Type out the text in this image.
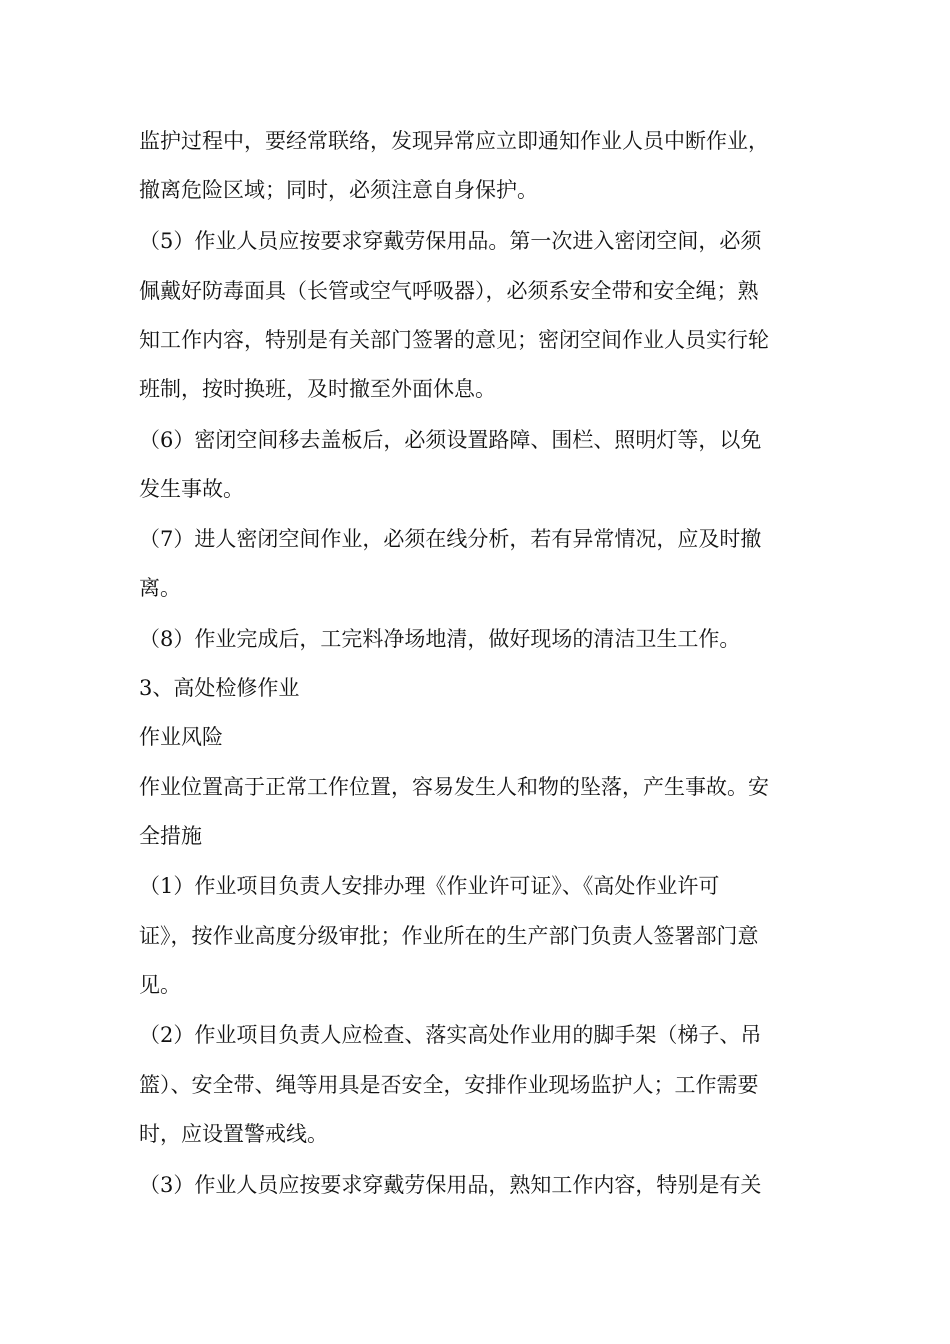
监护过程中，要经常联络，发现异常应立即通知作业人员中断作业，
撤离危险区域；同时，必须注意自身保护。
（5）作业人员应按要求穿戴劳保用品。第一次进入密闭空间，必须
佩戴好防毒面具（长管或空气呼吸器），必须系安全带和安全绳；熟
知工作内容，特别是有关部门签署的意见；密闭空间作业人员实行轮
班制，按时换班，及时撤至外面休息。
（6）密闭空间移去盖板后，必须设置路障、围栏、照明灯等，以免
发生事故。
（7）进人密闭空间作业，必须在线分析，若有异常情况，应及时撤
离。
（8）作业完成后，工完料净场地清，做好现场的清洁卫生工作。
3、高处检修作业
作业风险
作业位置高于正常工作位置，容易发生人和物的坠落，产生事故。安
全措施
（1）作业项目负责人安排办理《作业许可证》、《高处作业许可
证》，按作业高度分级审批；作业所在的生产部门负责人签署部门意
见。
（2）作业项目负责人应检查、落实高处作业用的脚手架（梯子、吊
篮）、安全带、绳等用具是否安全，安排作业现场监护人；工作需要
时，应设置警戒线。
（3）作业人员应按要求穿戴劳保用品，熟知工作内容，特别是有关
